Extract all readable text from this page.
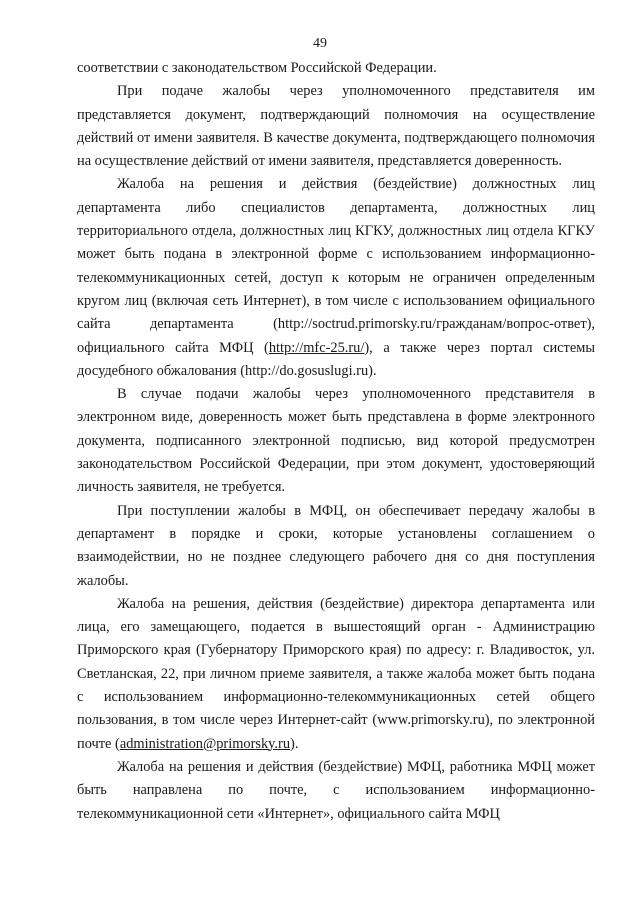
49

соответствии с законодательством Российской Федерации.

При подаче жалобы через уполномоченного представителя им представляется документ, подтверждающий полномочия на осуществление действий от имени заявителя. В качестве документа, подтверждающего полномочия на осуществление действий от имени заявителя, представляется доверенность.

Жалоба на решения и действия (бездействие) должностных лиц департамента либо специалистов департамента, должностных лиц территориального отдела, должностных лиц КГКУ, должностных лиц отдела КГКУ может быть подана в электронной форме с использованием информационно-телекоммуникационных сетей, доступ к которым не ограничен определенным кругом лиц (включая сеть Интернет), в том числе с использованием официального сайта департамента (http://soctrud.primorsky.ru/гражданам/вопрос-ответ), официального сайта МФЦ (http://mfc-25.ru/), а также через портал системы досудебного обжалования (http://do.gosuslugi.ru).

В случае подачи жалобы через уполномоченного представителя в электронном виде, доверенность может быть представлена в форме электронного документа, подписанного электронной подписью, вид которой предусмотрен законодательством Российской Федерации, при этом документ, удостоверяющий личность заявителя, не требуется.

При поступлении жалобы в МФЦ, он обеспечивает передачу жалобы в департамент в порядке и сроки, которые установлены соглашением о взаимодействии, но не позднее следующего рабочего дня со дня поступления жалобы.

Жалоба на решения, действия (бездействие) директора департамента или лица, его замещающего, подается в вышестоящий орган - Администрацию Приморского края (Губернатору Приморского края) по адресу: г. Владивосток, ул. Светланская, 22, при личном приеме заявителя, а также жалоба может быть подана с использованием информационно-телекоммуникационных сетей общего пользования, в том числе через Интернет-сайт (www.primorsky.ru), по электронной почте (administration@primorsky.ru).

Жалоба на решения и действия (бездействие) МФЦ, работника МФЦ может быть направлена по почте, с использованием информационно-телекоммуникационной сети «Интернет», официального сайта МФЦ
